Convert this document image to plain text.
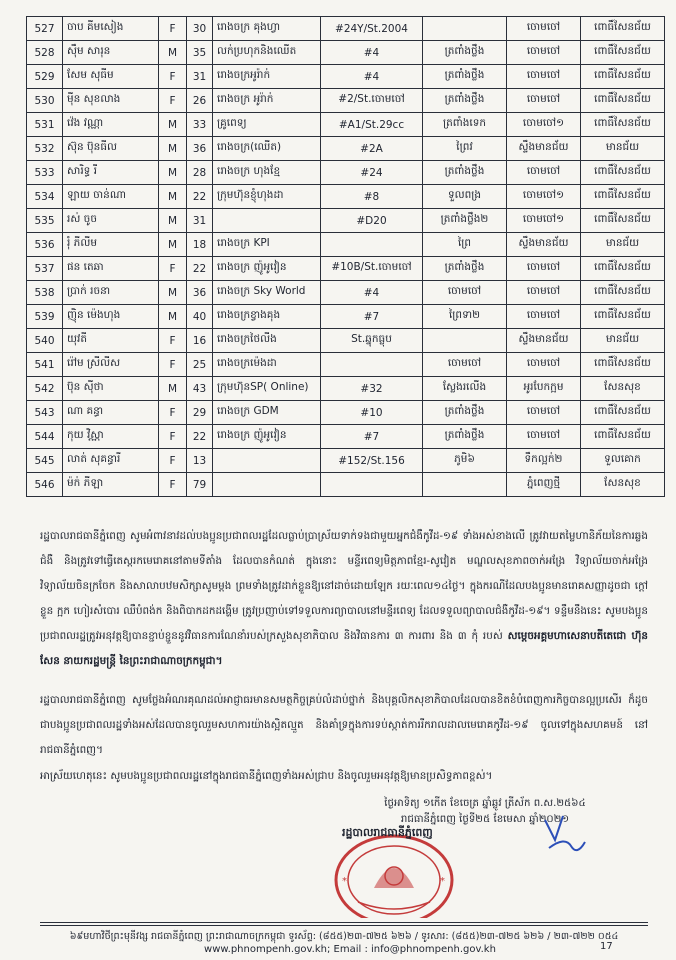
527	ចាប គីមសៀង	F	30	រោងចក្រ គុងហ្វា	#24Y/St.2004		ចោមចៅ	ពោធិ៍សែនជ័យ
528	ស៊ឹម សារុន	M	35	លក់ប្រហុកនិងឈើត	#4	ត្រពាំងថ្លឹង	ចោមចៅ	ពោធិ៍សែនជ័យ
529	សែម សុធីម	F	31	រោងចក្រអូរ៉ាក់	#4	ត្រពាំងថ្លឹង	ចោមចៅ	ពោធិ៍សែនជ័យ
530	ម៉ីន សុខលាង	F	26	រោងចក្រ អូរ៉ាក់	#2/St.ចោមចៅ	ត្រពាំងថ្លឹង	ចោមចៅ	ពោធិ៍សែនជ័យ
531	វ៉េង វណ្ណា	M	33	គ្រូពេទ្យ	#A1/St.29cc	ត្រពាំងទេក	ចោមចៅ១	ពោធិ៍សែនជ័យ
532	ស៊ុន ប៊ុនធីល	M	36	រោងចក្រ(ឈើត)	#2A	ព្រៃវ	ស្ទឹងមានជ័យ	មានជ័យ
533	សារិទ្ធ រី	M	28	រោងចក្រ ហុងខ្មែ	#24	ត្រពាំងថ្លឹង	ចោមចៅ	ពោធិ៍សែនជ័យ
534	ឡាយ ចាន់ណា	M	22	ក្រុមហ៊ុនខ្ញុំហុងដា	#8	ទួលពង្រ	ចោមចៅ១	ពោធិ៍សែនជ័យ
535	រស់ ចូច	M	31		#D20	ត្រពាំងថ្លឹង២	ចោមចៅ១	ពោធិ៍សែនជ័យ
536	រ៉ំ ភីលីម	M	18	រោងចក្រ KPI		ព្រៃ	ស្ទឹងមានជ័យ	មានជ័យ
537	ផន តេឆា	F	22	រោងចក្រ ញ៉ូអូវៀន	#10B/St.ចោមចៅ	ត្រពាំងថ្លឹង	ចោមចៅ	ពោធិ៍សែនជ័យ
538	ប្រាក់ រចនា	M	36	រោងចក្រ Sky World	#4	ចោមចៅ	ចោមចៅ	ពោធិ៍សែនជ័យ
539	ញ៉ិន ម៉េងហុង	M	40	រោងចក្រខ្វាងគុង	#7	ព្រៃទា២	ចោមចៅ	ពោធិ៍សែនជ័យ
540	យុវតី	F	16	រោងចក្រថៃលីង	St.ឆ្នុកធ្លុប		ស្ទឹងមានជ័យ	មានជ័យ
541	រ៉ៅម ស្រីលីស	F	25	រោងចក្រម៉េងដា		ចោមចៅ	ចោមចៅ	ពោធិ៍សែនជ័យ
542	ប៊ុន ស៊ីថា	M	43	ក្រុមហ៊ុនSP( Online)	#32	ស្លែងរលើង	អូរបែកក្អម	សែនសុខ
543	ណា គន្ធា	F	29	រោងចក្រ GDM	#10	ត្រពាំងថ្លឹង	ចោមចៅ	ពោធិ៍សែនជ័យ
544	កុយ វិស្ណា	F	22	រោងចក្រ ញ៉ូអូវៀន	#7	ត្រពាំងថ្លឹង	ចោមចៅ	ពោធិ៍សែនជ័យ
545	លាត់ សុគន្ធារី	F	13		#152/St.156	ភូមិ៦	ទឹកល្អក់២	ទួលគោក
546	ម៉ក់ ភីឡា	F	79				ភ្នំពេញថ្មី	សែនសុខ
រដ្ឋបាលរាជធានីភ្នំពេញ សូមអំពាវនាវដល់បងប្អូនប្រជាពលរដ្ឋដែលធ្លាប់ប្រាស្រ័យទាក់ទងជាមួយអ្នកជំងឺកូវីដ-១៩ ទាំងអស់ខាងលើ ត្រូវវាយតម្លៃហានិភ័យនៃការឆ្លងជំងឺ និងត្រូវទៅធ្វើតេស្តរកមេរោគនៅតាមទីតាំង ដែលបានកំណត់ ក្នុងនោះ មន្ទីរពេទ្យមិត្តភាពខ្មែរ-សូវៀត មណ្ឌលសុខភាពចាក់អង្រែ វិទ្យាល័យចាក់អង្រែ វិទ្យាល័យចិនក្រចែក និងសាលាបឋមសិក្សាសូមម្ដង ព្រមទាំងត្រូវដាក់ខ្លួនឱ្យនៅដាច់ដោយឡែក រយៈពេល១៤ថ្ងៃ។ ក្នុងករណីដែលបងប្អូនមានរោគសញ្ញាដូចជា ក្ដៅខ្លួន ក្អក ហៀរសំបោរ ឈឺបំពង់ក និងពិបាកដកដង្ហើម ត្រូវប្រញាប់ទៅទទួលការព្យាបាលនៅមន្ទីរពេទ្យ ដែលទទួលព្យាបាលជំងឺកូវីដ-១៩។ ទន្ទឹមនឹងនេះ សូមបងប្អូនប្រជាពលរដ្ឋត្រូវអនុវត្តឱ្យបានខ្ជាប់ខ្ជួននូវវិធានការណែនាំរបស់ក្រសួងសុខាភិបាល និងវិធានការ ៣ ការពារ និង ៣ កុំ របស់ សម្តេចអគ្គមហាសេនាបតីតេជោ ហ៊ុន សែន នាយករដ្ឋមន្ត្រី នៃព្រះរាជាណាចក្រកម្ពុជា។
រដ្ឋបាលរាជធានីភ្នំពេញ សូមថ្លែងអំណរគុណដល់អាជ្ញាធរមានសមត្ថកិច្ចគ្រប់លំដាប់ថ្នាក់ និងបុគ្គលិកសុខាភិបាលដែលបានខិតខំបំពេញការកិច្ចបានល្អប្រសើរ ក៏ដូចជាបងប្អូនប្រជាពលរដ្ឋទាំងអស់ដែលបានចូលរួមសហការយ៉ាងស្អិតល្មួត និងគាំទ្រក្នុងការទប់ស្កាត់ការរីករាលដាលមេរោគកូវីដ-១៩ ចូលទៅក្នុងសហគមន៍ នៅរាជធានីភ្នំពេញ។
អាស្រ័យហេតុនេះ សូមបងប្អូនប្រជាពលរដ្ឋនៅក្នុងរាជធានីភ្នំពេញទាំងអស់ជ្រាប និងចូលរួមអនុវត្តឱ្យមានប្រសិទ្ធភាពខ្ពស់។
ថ្ងៃអាទិត្យ ១កើត ខែចេត្រ ឆ្នាំឆ្លូវ ត្រីស័ក ព.ស.២៥៦៤
រាជធានីភ្នំពេញ ថ្ងៃទី២៥ ខែមេសា ឆ្នាំ២០២១
*	*
រដ្ឋបាលរាជធានីភ្នំពេញ
៦៩មហាវិថីព្រះមុនីវង្ស រាជធានីភ្នំពេញ ព្រះរាជាណាចក្រកម្ពុជា ទូរស័ព្ទ: (៨៥៥)២៣-៧២៥ ៦២៦ / ទូរសារ: (៨៥៥)២៣-៧២៥ ៦២៦ / ២៣-៧២២ ០៥៤
www.phnompenh.gov.kh; Email : info@phnompenh.gov.kh	17
